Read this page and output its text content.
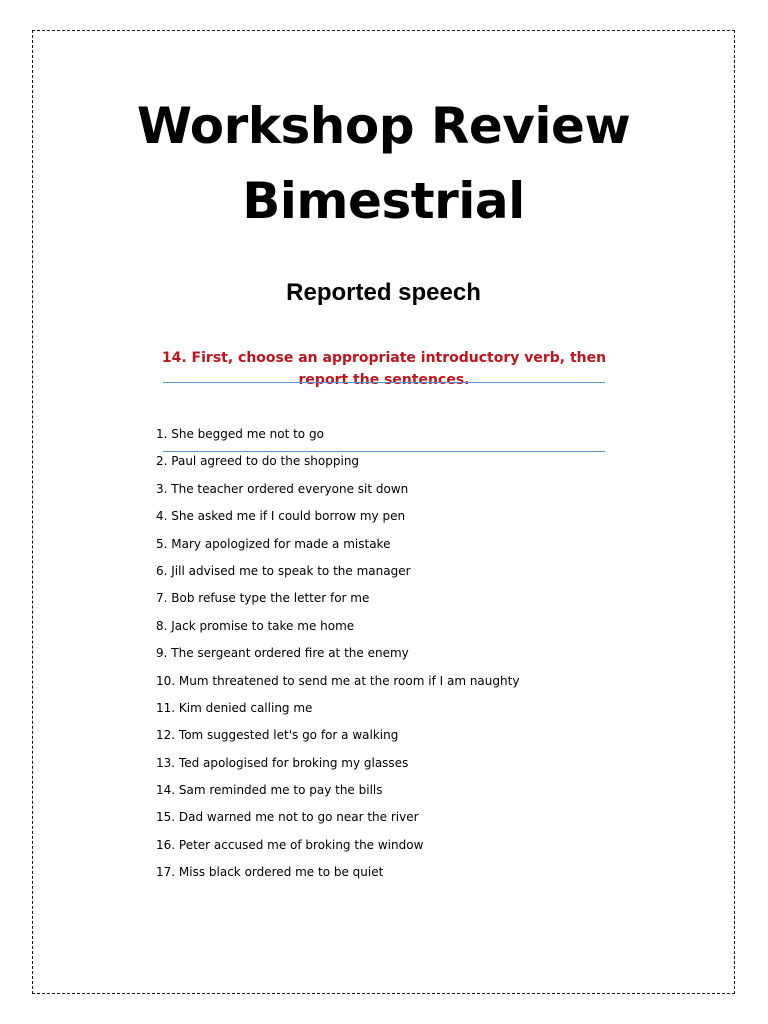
Workshop Review
Bimestrial
Reported speech

14. First, choose an appropriate introductory verb, then report the sentences.

1. She begged me not to go
2. Paul agreed to do the shopping
3. The teacher ordered everyone sit down
4. She asked me if I could borrow my pen
5. Mary apologized for made a mistake
6. Jill advised me to speak to the manager
7. Bob refuse type the letter for me
8. Jack promise to take me home
9. The sergeant ordered fire at the enemy
10. Mum threatened to send me at the room if I am naughty
11. Kim denied calling me
12. Tom suggested let's go for a walking
13. Ted apologised for broking my glasses
14. Sam reminded me to pay the bills
15. Dad warned me not to go near the river
16. Peter accused me of broking the window
17. Miss black ordered me to be quiet
